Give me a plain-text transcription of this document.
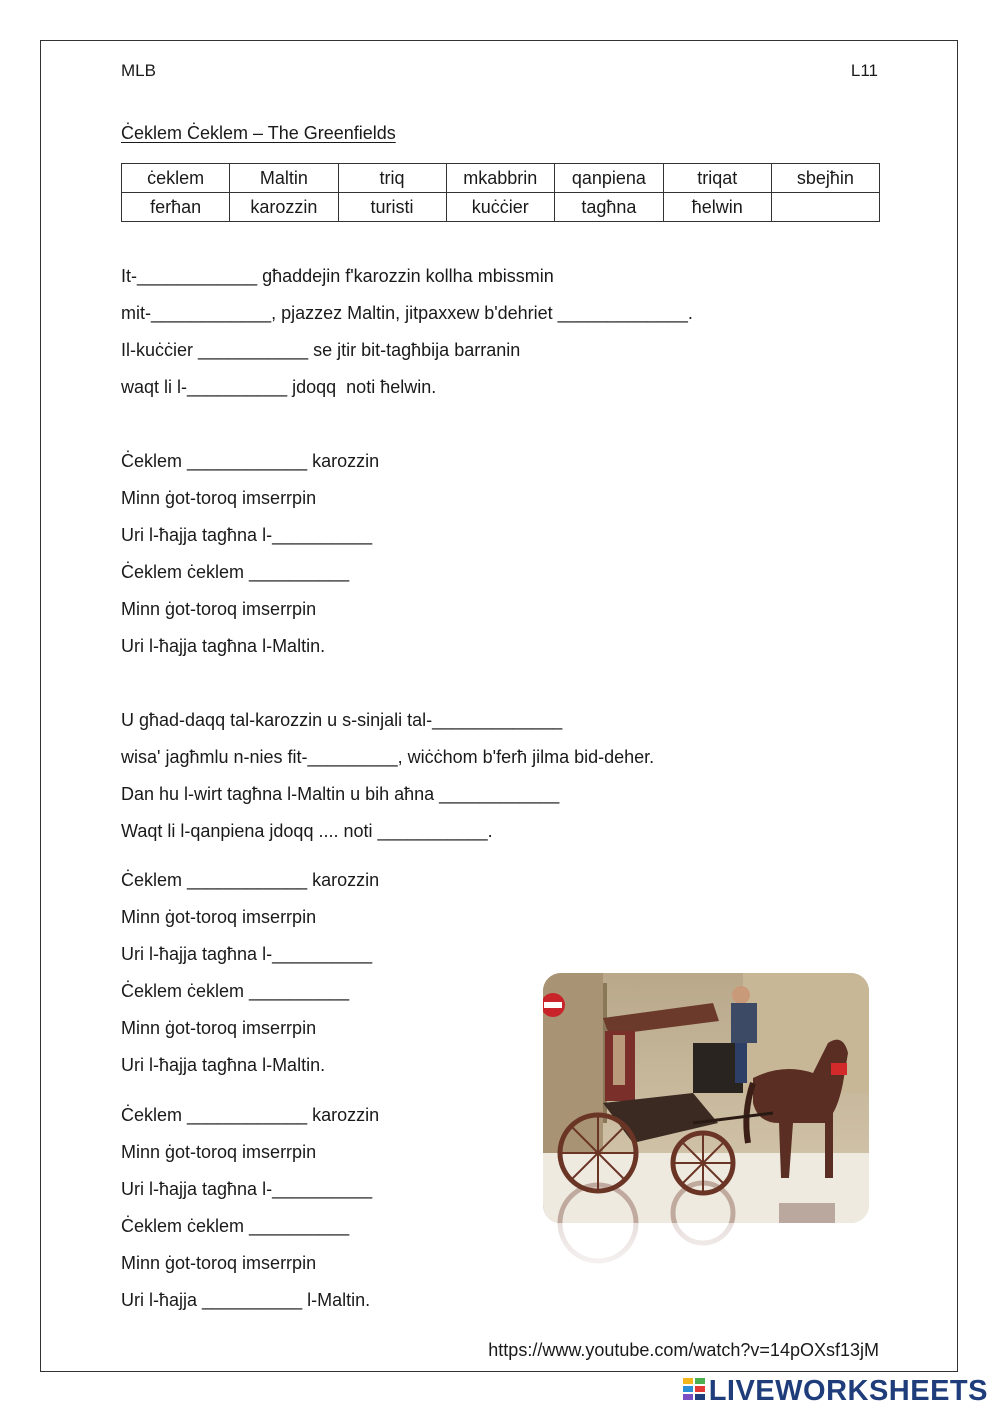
MLB	L11
Ċeklem Ċeklem – The Greenfields
ċeklem	Maltin	triq	mkabbrin	qanpiena	triqat	sbejħin
ferħan	karozzin	turisti	kuċċier	tagħna	ħelwin	
It-____________ għaddejin f'karozzin kollha mbissmin
mit-____________, pjazzez Maltin, jitpaxxew b'dehriet _____________.
Il-kuċċier ___________ se jtir bit-tagħbija barranin
waqt li l-__________ jdoqq  noti ħelwin.
Ċeklem ____________ karozzin
Minn ġot-toroq imserrpin
Uri l-ħajja tagħna l-__________
Ċeklem ċeklem __________
Minn ġot-toroq imserrpin
Uri l-ħajja tagħna l-Maltin.
U għad-daqq tal-karozzin u s-sinjali tal-_____________
wisa' jagħmlu n-nies fit-_________, wiċċhom b'ferħ jilma bid-deher.
Dan hu l-wirt tagħna l-Maltin u bih aħna ____________
Waqt li l-qanpiena jdoqq .... noti ___________.
Ċeklem ____________ karozzin
Minn ġot-toroq imserrpin
Uri l-ħajja tagħna l-__________
Ċeklem ċeklem __________
Minn ġot-toroq imserrpin
Uri l-ħajja tagħna l-Maltin.
Ċeklem ____________ karozzin
Minn ġot-toroq imserrpin
Uri l-ħajja tagħna l-__________
Ċeklem ċeklem __________
Minn ġot-toroq imserrpin
Uri l-ħajja __________ l-Maltin.
https://www.youtube.com/watch?v=14pOXsf13jM
LIVEWORKSHEETS
